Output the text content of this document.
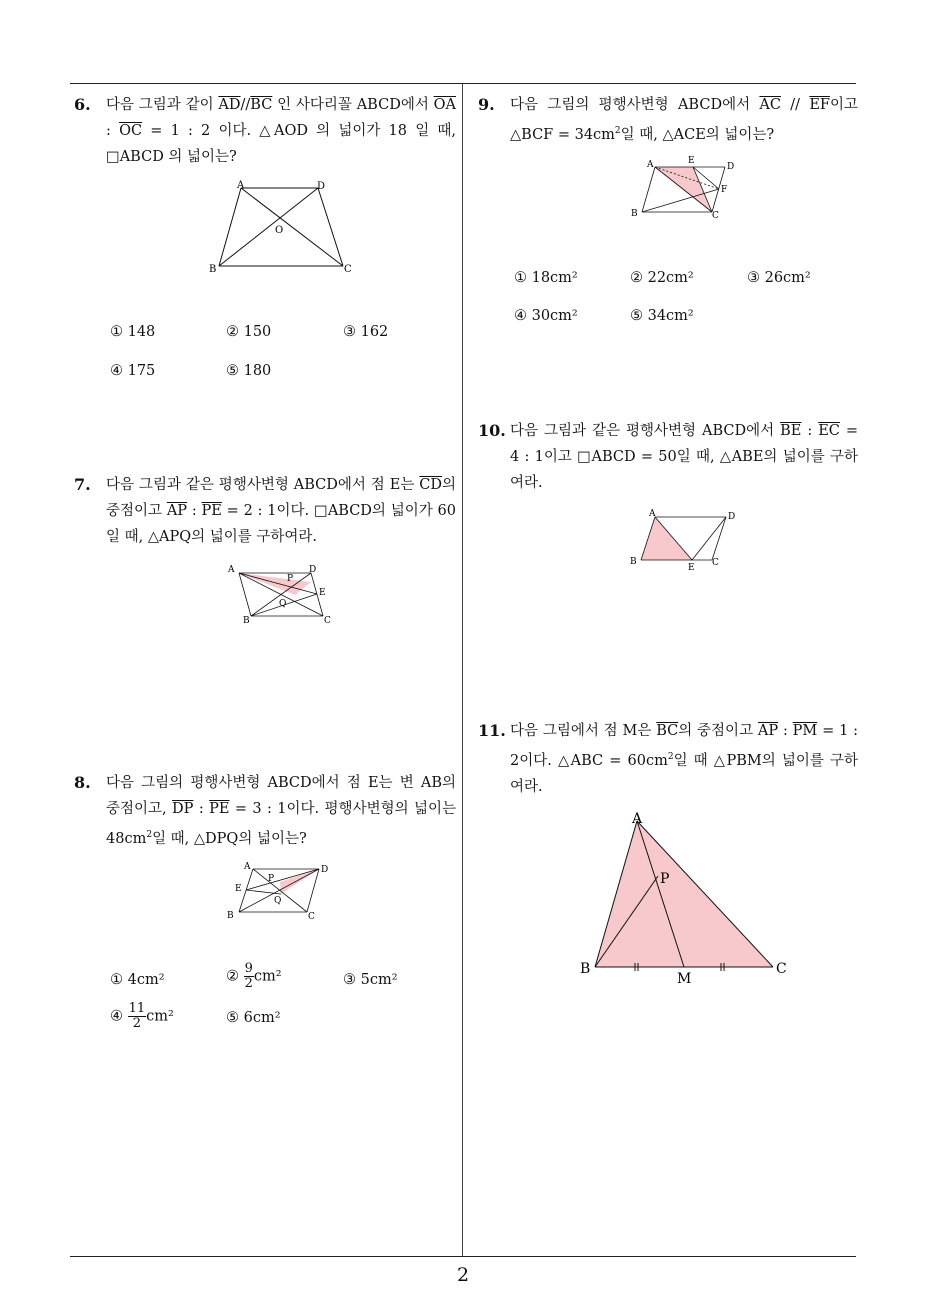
2
6. 다음 그림과 같이 $\overline{AD}//\overline{BC}$ 인 사다리꼴 ABCD에서 $\overline{OA}$ : $\overline{OC} = 1$ : 2 이다. △AOD 의 넓이가 18 일 때, □ABCD 의 넓이는?
A	D
O
B	C
① 148	② 150	③ 162
④ 175	⑤ 180
7. 다음 그림과 같은 평행사변형 ABCD에서 점 E는 $\overline{CD}$의 중점이고 $\overline{AP}$ : $\overline{PE} = 2$ : 1이다. □ABCD의 넓이가 60일 때, △APQ의 넓이를 구하여라.
A	D
P
E
Q
B	C
8. 다음 그림의 평행사변형 ABCD에서 점 E는 변 AB의 중점이고, $\overline{DP}$ : $\overline{PE} = 3$ : 1이다. 평행사변형의 넓이는 $48cm^2$일 때, △DPQ의 넓이는?
A	D
P
E
Q
B	C
① 4cm²	② $\frac{9}{2} cm^2$	③ 5cm²
④ $\frac{11}{2} cm^2$	⑤ 6cm²
9. 다음 그림의 평행사변형 ABCD에서 $\overline{AC} // \overline{EF}$이고 △BCF = $34cm^2$일 때, △ACE의 넓이는?
A	E
D
F
B	C
① 18cm²	② 22cm²	③ 26cm²
④ 30cm²	⑤ 34cm²
10. 다음 그림과 같은 평행사변형 ABCD에서 $\overline{BE}$ : $\overline{EC} = 4$ : 1이고 □ABCD = 50일 때, △ABE의 넓이를 구하여라.
A	D
B
E C
11. 다음 그림에서 점 M은 $\overline{BC}$의 중점이고 $\overline{AP}$ : $\overline{PM} = 1$ : 2이다. △ABC = $60cm^2$일 때 △PBM의 넓이를 구하여라.
A
P
B
M
C
